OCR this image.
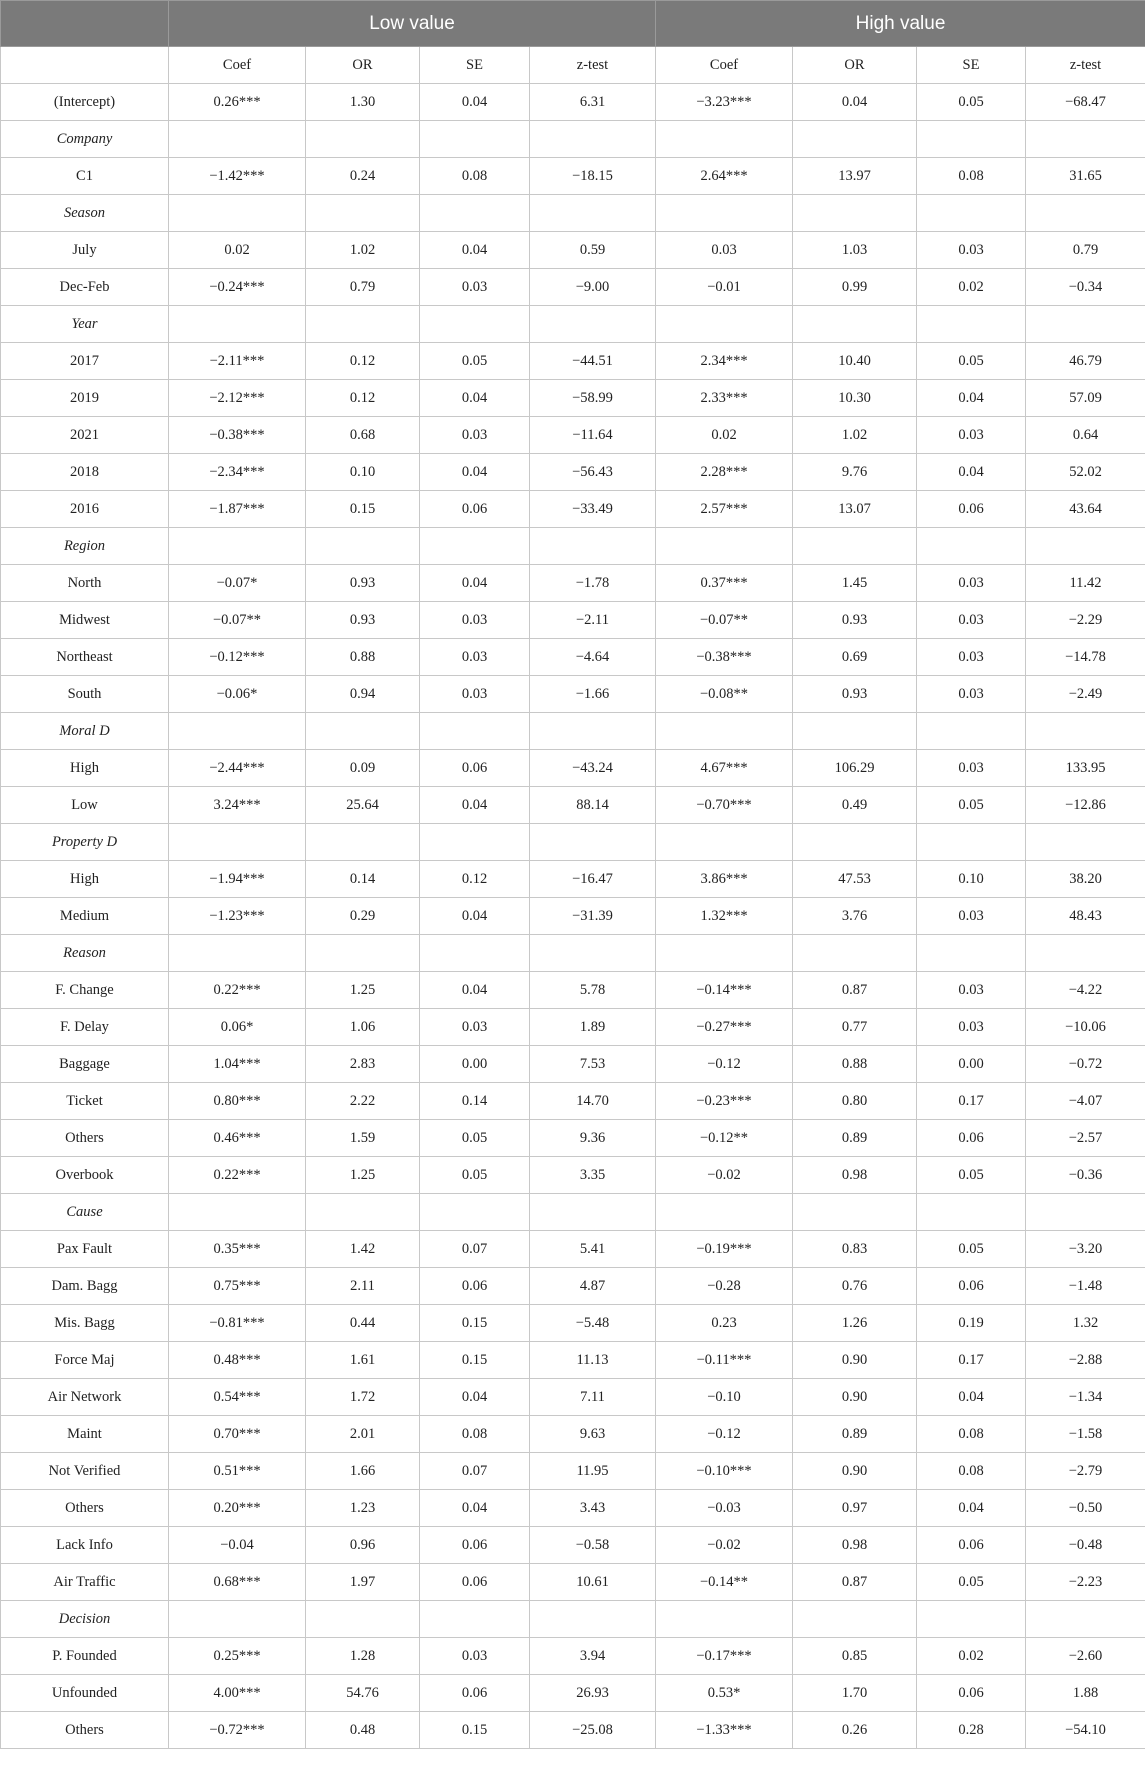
	Low value				High value			
	Coef	OR	SE	z-test	Coef	OR	SE	z-test
(Intercept)	0.26***	1.30	0.04	6.31	−3.23***	0.04	0.05	−68.47
Company								
C1	−1.42***	0.24	0.08	−18.15	2.64***	13.97	0.08	31.65
Season								
July	0.02	1.02	0.04	0.59	0.03	1.03	0.03	0.79
Dec-Feb	−0.24***	0.79	0.03	−9.00	−0.01	0.99	0.02	−0.34
Year								
2017	−2.11***	0.12	0.05	−44.51	2.34***	10.40	0.05	46.79
2019	−2.12***	0.12	0.04	−58.99	2.33***	10.30	0.04	57.09
2021	−0.38***	0.68	0.03	−11.64	0.02	1.02	0.03	0.64
2018	−2.34***	0.10	0.04	−56.43	2.28***	9.76	0.04	52.02
2016	−1.87***	0.15	0.06	−33.49	2.57***	13.07	0.06	43.64
Region								
North	−0.07*	0.93	0.04	−1.78	0.37***	1.45	0.03	11.42
Midwest	−0.07**	0.93	0.03	−2.11	−0.07**	0.93	0.03	−2.29
Northeast	−0.12***	0.88	0.03	−4.64	−0.38***	0.69	0.03	−14.78
South	−0.06*	0.94	0.03	−1.66	−0.08**	0.93	0.03	−2.49
Moral D								
High	−2.44***	0.09	0.06	−43.24	4.67***	106.29	0.03	133.95
Low	3.24***	25.64	0.04	88.14	−0.70***	0.49	0.05	−12.86
Property D								
High	−1.94***	0.14	0.12	−16.47	3.86***	47.53	0.10	38.20
Medium	−1.23***	0.29	0.04	−31.39	1.32***	3.76	0.03	48.43
Reason								
F. Change	0.22***	1.25	0.04	5.78	−0.14***	0.87	0.03	−4.22
F. Delay	0.06*	1.06	0.03	1.89	−0.27***	0.77	0.03	−10.06
Baggage	1.04***	2.83	0.00	7.53	−0.12	0.88	0.00	−0.72
Ticket	0.80***	2.22	0.14	14.70	−0.23***	0.80	0.17	−4.07
Others	0.46***	1.59	0.05	9.36	−0.12**	0.89	0.06	−2.57
Overbook	0.22***	1.25	0.05	3.35	−0.02	0.98	0.05	−0.36
Cause								
Pax Fault	0.35***	1.42	0.07	5.41	−0.19***	0.83	0.05	−3.20
Dam. Bagg	0.75***	2.11	0.06	4.87	−0.28	0.76	0.06	−1.48
Mis. Bagg	−0.81***	0.44	0.15	−5.48	0.23	1.26	0.19	1.32
Force Maj	0.48***	1.61	0.15	11.13	−0.11***	0.90	0.17	−2.88
Air Network	0.54***	1.72	0.04	7.11	−0.10	0.90	0.04	−1.34
Maint	0.70***	2.01	0.08	9.63	−0.12	0.89	0.08	−1.58
Not Verified	0.51***	1.66	0.07	11.95	−0.10***	0.90	0.08	−2.79
Others	0.20***	1.23	0.04	3.43	−0.03	0.97	0.04	−0.50
Lack Info	−0.04	0.96	0.06	−0.58	−0.02	0.98	0.06	−0.48
Air Traffic	0.68***	1.97	0.06	10.61	−0.14**	0.87	0.05	−2.23
Decision								
P. Founded	0.25***	1.28	0.03	3.94	−0.17***	0.85	0.02	−2.60
Unfounded	4.00***	54.76	0.06	26.93	0.53*	1.70	0.06	1.88
Others	−0.72***	0.48	0.15	−25.08	−1.33***	0.26	0.28	−54.10
